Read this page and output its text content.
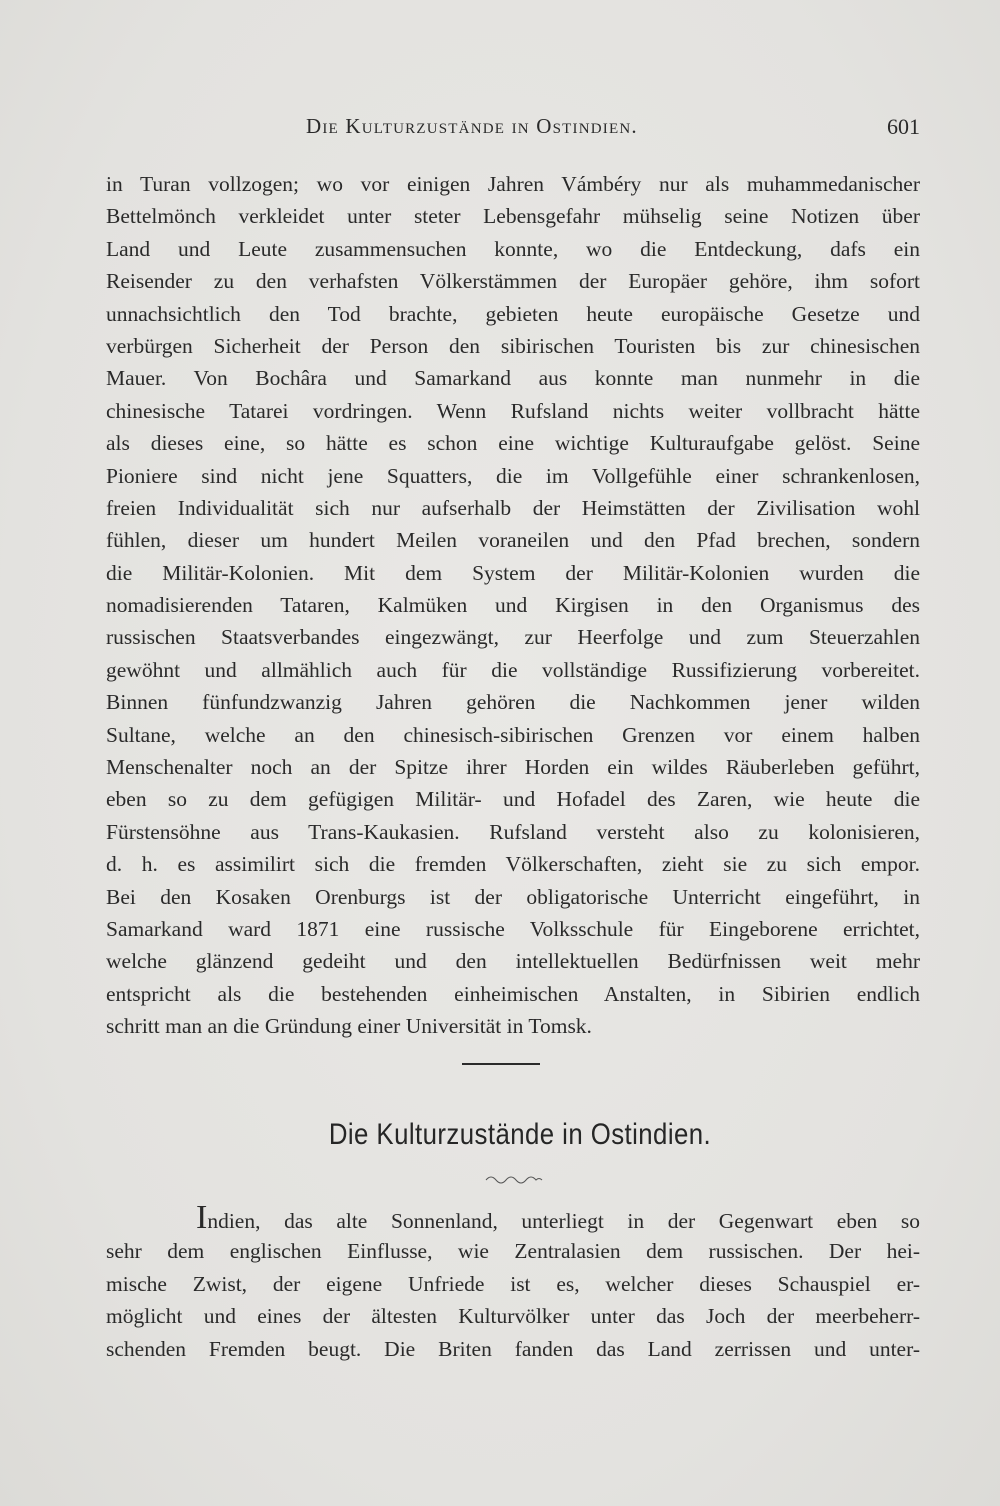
Die Kulturzustände in Ostindien.	601
in Turan vollzogen; wo vor einigen Jahren Vámbéry nur als muhammedanischer
Bettelmönch verkleidet unter steter Lebensgefahr mühselig seine Notizen über
Land und Leute zusammensuchen konnte, wo die Entdeckung, dafs ein
Reisender zu den verhafsten Völkerstämmen der Europäer gehöre, ihm sofort
unnachsichtlich den Tod brachte, gebieten heute europäische Gesetze und
verbürgen Sicherheit der Person den sibirischen Touristen bis zur chinesischen
Mauer. Von Bochâra und Samarkand aus konnte man nunmehr in die
chinesische Tatarei vordringen. Wenn Rufsland nichts weiter vollbracht hätte
als dieses eine, so hätte es schon eine wichtige Kulturaufgabe gelöst. Seine
Pioniere sind nicht jene Squatters, die im Vollgefühle einer schrankenlosen,
freien Individualität sich nur aufserhalb der Heimstätten der Zivilisation wohl
fühlen, dieser um hundert Meilen voraneilen und den Pfad brechen, sondern
die Militär-Kolonien. Mit dem System der Militär-Kolonien wurden die
nomadisierenden Tataren, Kalmüken und Kirgisen in den Organismus des
russischen Staatsverbandes eingezwängt, zur Heerfolge und zum Steuerzahlen
gewöhnt und allmählich auch für die vollständige Russifizierung vorbereitet.
Binnen fünfundzwanzig Jahren gehören die Nachkommen jener wilden
Sultane, welche an den chinesisch-sibirischen Grenzen vor einem halben
Menschenalter noch an der Spitze ihrer Horden ein wildes Räuberleben geführt,
eben so zu dem gefügigen Militär- und Hofadel des Zaren, wie heute die
Fürstensöhne aus Trans-Kaukasien. Rufsland versteht also zu kolonisieren,
d. h. es assimilirt sich die fremden Völkerschaften, zieht sie zu sich empor.
Bei den Kosaken Orenburgs ist der obligatorische Unterricht eingeführt, in
Samarkand ward 1871 eine russische Volksschule für Eingeborene errichtet,
welche glänzend gedeiht und den intellektuellen Bedürfnissen weit mehr
entspricht als die bestehenden einheimischen Anstalten, in Sibirien endlich
schritt man an die Gründung einer Universität in Tomsk.
Die Kulturzustände in Ostindien.
Indien, das alte Sonnenland, unterliegt in der Gegenwart eben so
sehr dem englischen Einflusse, wie Zentralasien dem russischen. Der hei-
mische Zwist, der eigene Unfriede ist es, welcher dieses Schauspiel er-
möglicht und eines der ältesten Kulturvölker unter das Joch der meerbeherr-
schenden Fremden beugt. Die Briten fanden das Land zerrissen und unter-
